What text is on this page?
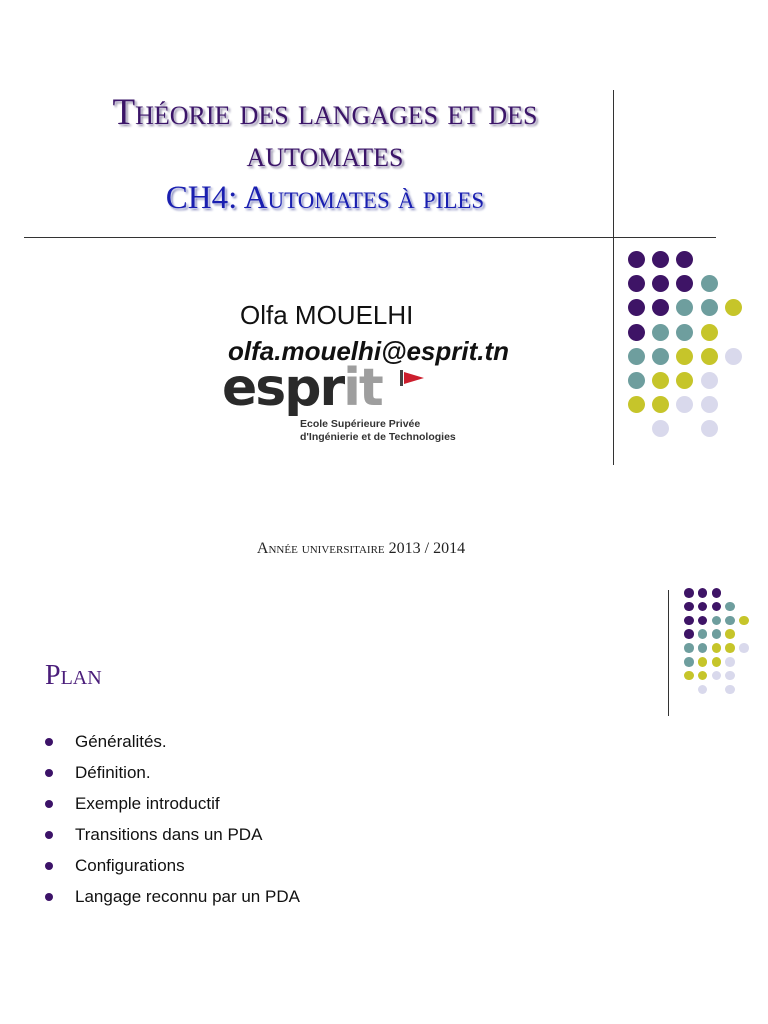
Théorie des langages et des
automates
CH4: Automates à piles
Olfa MOUELHI
olfa.mouelhi@esprit.tn
esprit
Ecole Supérieure Privée
d'Ingénierie et de Technologies
Année universitaire 2013 / 2014
Plan
Généralités.
Définition.
Exemple introductif
Transitions dans un PDA
Configurations
Langage reconnu par un PDA
